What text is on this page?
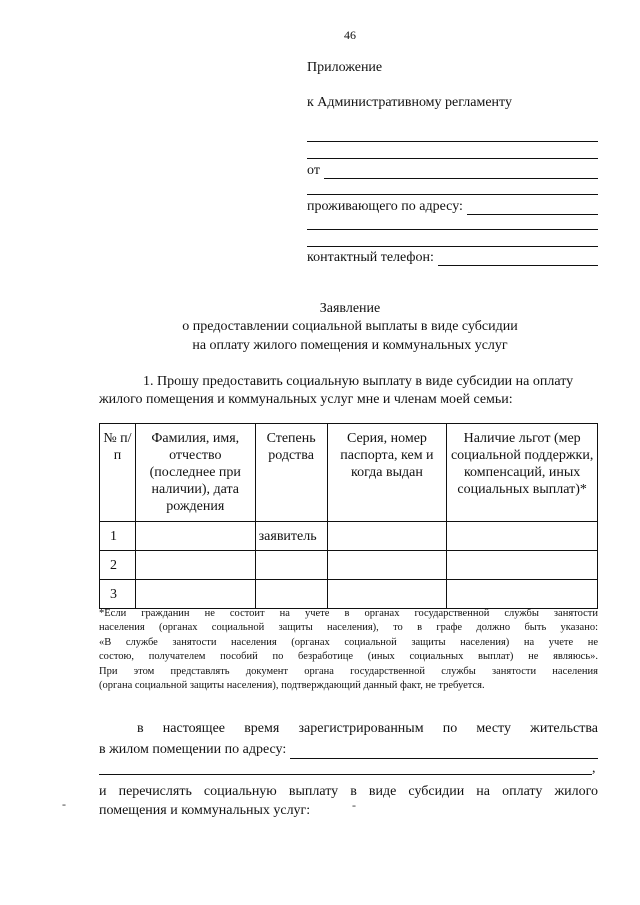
46
Приложение
к Административному регламенту
от
проживающего по адресу:
контактный телефон:
Заявление
о предоставлении социальной выплаты в виде субсидии
на оплату жилого помещения и коммунальных услуг
1. Прошу предоставить социальную выплату в виде субсидии на оплату
жилого помещения и коммунальных услуг мне и членам моей семьи:
№ п/п	Фамилия, имя, отчество (последнее при наличии), дата рождения	Степень родства	Серия, номер паспорта, кем и когда выдан	Наличие льгот (мер социальной поддержки, компенсаций, иных социальных выплат)*
1		заявитель		
2				
3				
*Если гражданин не состоит на учете в органах государственной службы занятости
населения (органах социальной защиты населения), то в графе должно быть указано:
«В службе занятости населения (органах социальной защиты населения) на учете не
состою, получателем пособий по безработице (иных социальных выплат) не являюсь».
При этом представлять документ органа государственной службы занятости населения
(органа социальной защиты населения), подтверждающий данный факт, не требуется.
в настоящее время зарегистрированным по месту жительства
в жилом помещении по адресу:
,
и перечислять социальную выплату в виде субсидии на оплату жилого
помещения и коммунальных услуг:
-	-
